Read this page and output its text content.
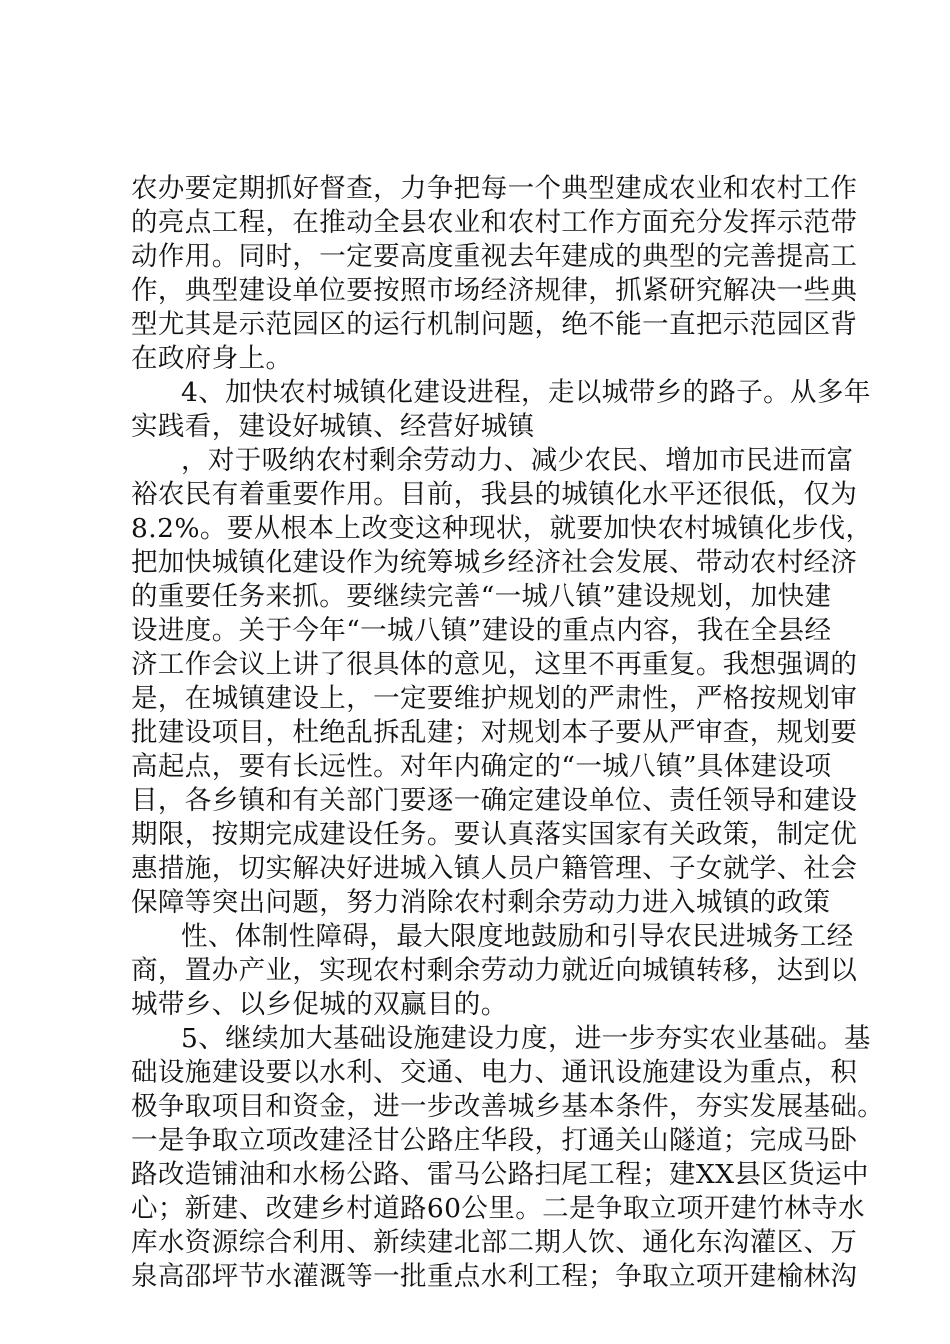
农办要定期抓好督查，力争把每一个典型建成农业和农村工作
的亮点工程，在推动全县农业和农村工作方面充分发挥示范带
动作用。同时，一定要高度重视去年建成的典型的完善提高工
作，典型建设单位要按照市场经济规律，抓紧研究解决一些典
型尤其是示范园区的运行机制问题，绝不能一直把示范园区背
在政府身上。
4、加快农村城镇化建设进程，走以城带乡的路子。从多年
实践看，建设好城镇、经营好城镇
，对于吸纳农村剩余劳动力、减少农民、增加市民进而富
裕农民有着重要作用。目前，我县的城镇化水平还很低，仅为
8.2%。要从根本上改变这种现状，就要加快农村城镇化步伐，
把加快城镇化建设作为统筹城乡经济社会发展、带动农村经济
的重要任务来抓。要继续完善“一城八镇”建设规划，加快建
设进度。关于今年“一城八镇”建设的重点内容，我在全县经
济工作会议上讲了很具体的意见，这里不再重复。我想强调的
是，在城镇建设上，一定要维护规划的严肃性，严格按规划审
批建设项目，杜绝乱拆乱建；对规划本子要从严审查，规划要
高起点，要有长远性。对年内确定的“一城八镇”具体建设项
目，各乡镇和有关部门要逐一确定建设单位、责任领导和建设
期限，按期完成建设任务。要认真落实国家有关政策，制定优
惠措施，切实解决好进城入镇人员户籍管理、子女就学、社会
保障等突出问题，努力消除农村剩余劳动力进入城镇的政策
性、体制性障碍，最大限度地鼓励和引导农民进城务工经
商，置办产业，实现农村剩余劳动力就近向城镇转移，达到以
城带乡、以乡促城的双赢目的。
5、继续加大基础设施建设力度，进一步夯实农业基础。基
础设施建设要以水利、交通、电力、通讯设施建设为重点，积
极争取项目和资金，进一步改善城乡基本条件，夯实发展基础。
一是争取立项改建泾甘公路庄华段，打通关山隧道；完成马卧
路改造铺油和水杨公路、雷马公路扫尾工程；建XX县区货运中
心；新建、改建乡村道路60公里。二是争取立项开建竹林寺水
库水资源综合利用、新续建北部二期人饮、通化东沟灌区、万
泉高邵坪节水灌溉等一批重点水利工程；争取立项开建榆林沟
